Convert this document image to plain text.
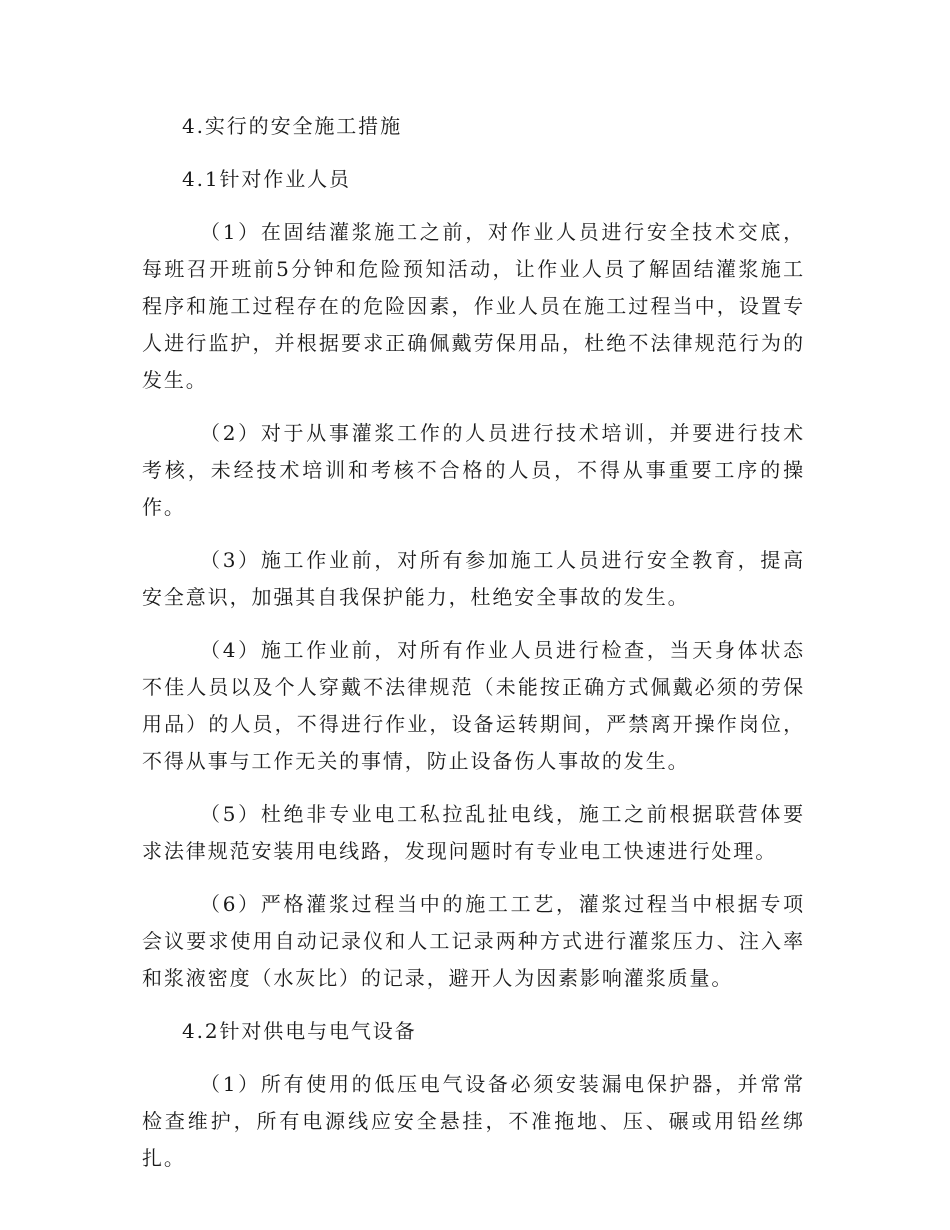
4.实行的安全施工措施
4.1针对作业人员
（1）在固结灌浆施工之前，对作业人员进行安全技术交底，每班召开班前5分钟和危险预知活动，让作业人员了解固结灌浆施工程序和施工过程存在的危险因素，作业人员在施工过程当中，设置专人进行监护，并根据要求正确佩戴劳保用品，杜绝不法律规范行为的发生。
（2）对于从事灌浆工作的人员进行技术培训，并要进行技术考核，未经技术培训和考核不合格的人员，不得从事重要工序的操作。
（3）施工作业前，对所有参加施工人员进行安全教育，提高安全意识，加强其自我保护能力，杜绝安全事故的发生。
（4）施工作业前，对所有作业人员进行检查，当天身体状态不佳人员以及个人穿戴不法律规范（未能按正确方式佩戴必须的劳保用品）的人员，不得进行作业，设备运转期间，严禁离开操作岗位，不得从事与工作无关的事情，防止设备伤人事故的发生。
（5）杜绝非专业电工私拉乱扯电线，施工之前根据联营体要求法律规范安装用电线路，发现问题时有专业电工快速进行处理。
（6）严格灌浆过程当中的施工工艺，灌浆过程当中根据专项会议要求使用自动记录仪和人工记录两种方式进行灌浆压力、注入率和浆液密度（水灰比）的记录，避开人为因素影响灌浆质量。
4.2针对供电与电气设备
（1）所有使用的低压电气设备必须安装漏电保护器，并常常检查维护，所有电源线应安全悬挂，不准拖地、压、碾或用铅丝绑扎。
